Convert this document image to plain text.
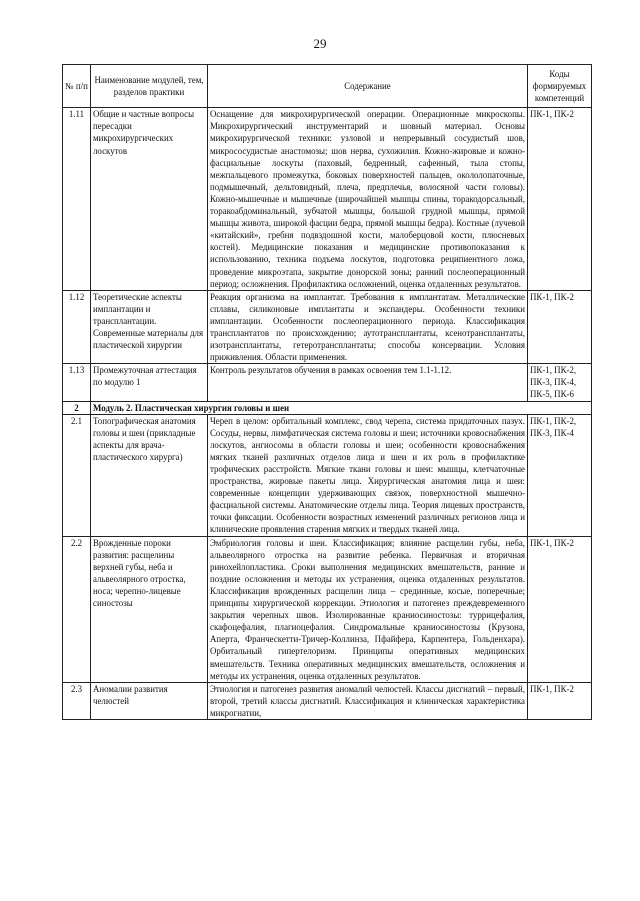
29
№ п/п	Наименование модулей, тем, разделов практики	Содержание	Коды формируемых компетенций
1.11	Общие и частные вопросы пересадки микрохирургических лоскутов	Оснащение для микрохирургической операции. Операционные микроскопы. Микрохирургический инструментарий и шовный материал. Основы микрохирургической техники: узловой и непрерывный сосудистый шов, микрососудистые анастомозы; шов нерва, сухожилия. Кожно-жировые и кожно-фасциальные лоскуты (паховый, бедренный, сафенный, тыла стопы, межпальцевого промежутка, боковых поверхностей пальцев, окололопаточные, подмышечный, дельтовидный, плеча, предплечья, волосяной части головы). Кожно-мышечные и мышечные (широчайшей мышцы спины, торакодорсальный, торакоабдоминальный, зубчатой мышцы, большой грудной мышцы, прямой мышцы живота, широкой фасции бедра, прямой мышцы бедра). Костные (лучевой «китайский», гребня подвздошной кости, малоберцовой кости, плюсневых костей). Медицинские показания и медицинские противопоказания к использованию, техника подъема лоскутов, подготовка реципиентного ложа, проведение микроэтапа, закрытие донорской зоны; ранний послеоперационный период; осложнения. Профилактика осложнений, оценка отдаленных результатов.	ПК-1, ПК-2
1.12	Теоретические аспекты имплантации и трансплантации. Современные материалы для пластической хирургии	Реакция организма на имплантат. Требования к имплантатам. Металлические сплавы, силиконовые имплантаты и экспандеры. Особенности техники имплантации. Особенности послеоперационного периода. Классификация трансплантатов по происхождению; аутотрансплантаты, ксенотрансплантаты, изотрансплантаты, гетеротрансплантаты; способы консервации. Условия приживления. Области применения.	ПК-1, ПК-2
1.13	Промежуточная аттестация по модулю 1	Контроль результатов обучения в рамках освоения тем 1.1-1.12.	ПК-1, ПК-2, ПК-3, ПК-4, ПК-5, ПК-6
2	Модуль 2. Пластическая хирургия головы и шеи		
2.1	Топографическая анатомия головы и шеи (прикладные аспекты для врача-пластического хирурга)	Череп в целом: орбитальный комплекс, свод черепа, система придаточных пазух. Сосуды, нервы, лимфатическая система головы и шеи; источники кровоснабжения лоскутов, ангиосомы в области головы и шеи; особенности кровоснабжения мягких тканей различных отделов лица и шеи и их роль в профилактике трофических расстройств. Мягкие ткани головы и шеи: мышцы, клетчаточные пространства, жировые пакеты лица. Хирургическая анатомия лица и шеи: современные концепции удерживающих связок, поверхностной мышечно-фасциальной системы. Анатомические отделы лица. Теория лицевых пространств, точки фиксации. Особенности возрастных изменений различных регионов лица и клинические проявления старения мягких и твердых тканей лица.	ПК-1, ПК-2, ПК-3, ПК-4
2.2	Врожденные пороки развития: расщелины верхней губы, неба и альвеолярного отростка, носа; черепно-лицевые синостозы	Эмбриология головы и шеи. Классификация; влияние расщелин губы, неба, альвеолярного отростка на развитие ребенка. Первичная и вторичная ринохейлопластика. Сроки выполнения медицинских вмешательств, ранние и поздние осложнения и методы их устранения, оценка отдаленных результатов. Классификация врожденных расщелин лица – срединные, косые, поперечные; принципы хирургической коррекции. Этиология и патогенез преждевременного закрытия черепных швов. Изолированные краниосиностозы: туррицефалия, скафоцефалия, плагиоцефалия. Синдромальные краниосиностозы (Крузона, Аперта, Франческетти-Тричер-Коллинза, Пфайфера, Карпентера, Гольденхара). Орбитальный гипертелоризм. Принципы оперативных медицинских вмешательств. Техника оперативных медицинских вмешательств, осложнения и методы их устранения, оценка отдаленных результатов.	ПК-1, ПК-2
2.3	Аномалии развития челюстей	Этиология и патогенез развития аномалий челюстей. Классы дисгнатий – первый, второй, третий классы дисгнатий. Классификация и клиническая характеристика микрогнатии,	ПК-1, ПК-2
